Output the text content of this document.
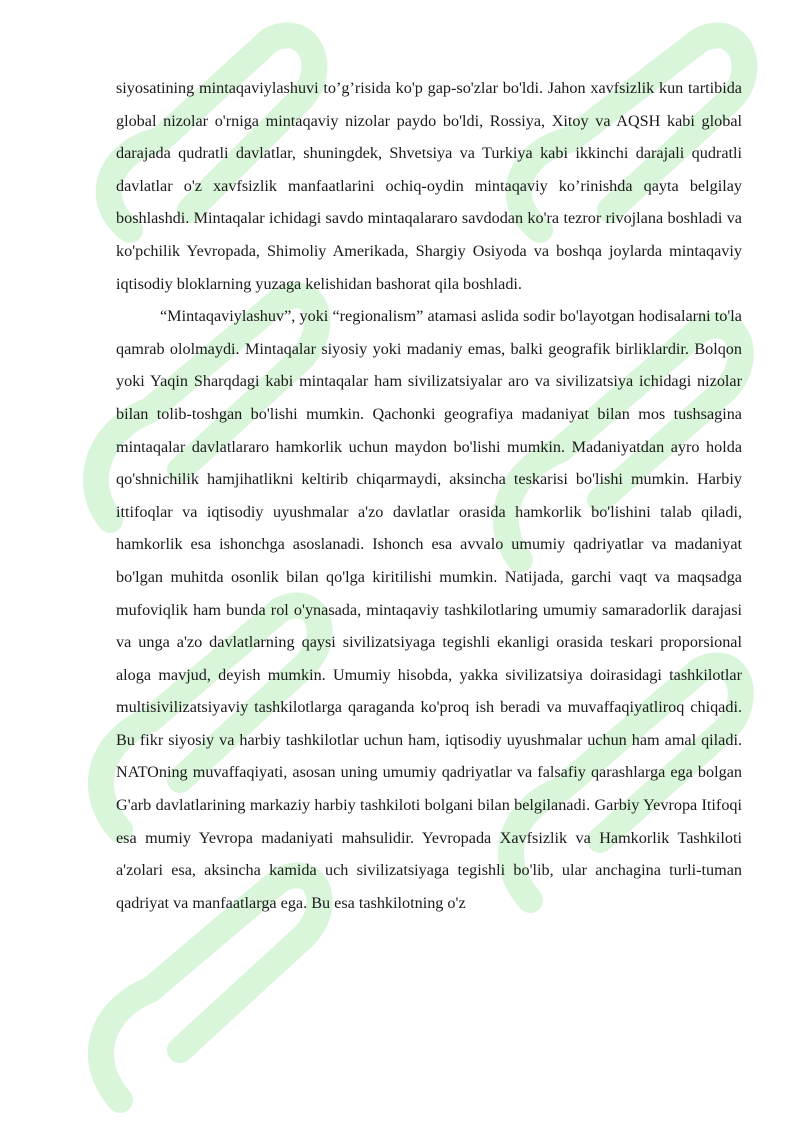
siyosatining mintaqaviylashuvi to’g’risida ko'p gap-so'zlar bo'ldi. Jahon xavfsizlik kun tartibida global nizolar o'rniga mintaqaviy nizolar paydo bo'ldi, Rossiya, Xitoy va AQSH kabi global darajada qudratli davlatlar, shuningdek, Shvetsiya va Turkiya kabi ikkinchi darajali qudratli davlatlar o'z xavfsizlik manfaatlarini ochiq-oydin mintaqaviy ko’rinishda qayta belgilay boshlashdi. Mintaqalar ichidagi savdo mintaqalararo savdodan ko'ra tezror rivojlana boshladi va ko'pchilik Yevropada, Shimoliy Amerikada, Shargiy Osiyoda va boshqa joylarda mintaqaviy iqtisodiy bloklarning yuzaga kelishidan bashorat qila boshladi.

“Mintaqaviylashuv”, yoki “regionalism” atamasi aslida sodir bo'layotgan hodisalarni to'la qamrab ololmaydi. Mintaqalar siyosiy yoki madaniy emas, balki geografik birliklardir. Bolqon yoki Yaqin Sharqdagi kabi mintaqalar ham sivilizatsiyalar aro va sivilizatsiya ichidagi nizolar bilan tolib-toshgan bo'lishi mumkin. Qachonki geografiya madaniyat bilan mos tushsagina mintaqalar davlatlararo hamkorlik uchun maydon bo'lishi mumkin. Madaniyatdan ayro holda qo'shnichilik hamjihatlikni keltirib chiqarmaydi, aksincha teskarisi bo'lishi mumkin. Harbiy ittifoqlar va iqtisodiy uyushmalar a'zo davlatlar orasida hamkorlik bo'lishini talab qiladi, hamkorlik esa ishonchga asoslanadi. Ishonch esa avvalo umumiy qadriyatlar va madaniyat bo'lgan muhitda osonlik bilan qo'lga kiritilishi mumkin. Natijada, garchi vaqt va maqsadga mufoviqlik ham bunda rol o'ynasada, mintaqaviy tashkilotlaring umumiy samaradorlik darajasi va unga a'zo davlatlarning qaysi sivilizatsiyaga tegishli ekanligi orasida teskari proporsional aloga mavjud, deyish mumkin. Umumiy hisobda, yakka sivilizatsiya doirasidagi tashkilotlar multisivilizatsiyaviy tashkilotlarga qaraganda ko'proq ish beradi va muvaffaqiyatliroq chiqadi. Bu fikr siyosiy va harbiy tashkilotlar uchun ham, iqtisodiy uyushmalar uchun ham amal qiladi. NATOning muvaffaqiyati, asosan uning umumiy qadriyatlar va falsafiy qarashlarga ega bolgan G'arb davlatlarining markaziy harbiy tashkiloti bolgani bilan belgilanadi. Garbiy Yevropa Itifoqi esa mumiy Yevropa madaniyati mahsulidir. Yevropada Xavfsizlik va Hamkorlik Tashkiloti a'zolari esa, aksincha kamida uch sivilizatsiyaga tegishli bo'lib, ular anchagina turli-tuman qadriyat va manfaatlarga ega. Bu esa tashkilotning o'z
